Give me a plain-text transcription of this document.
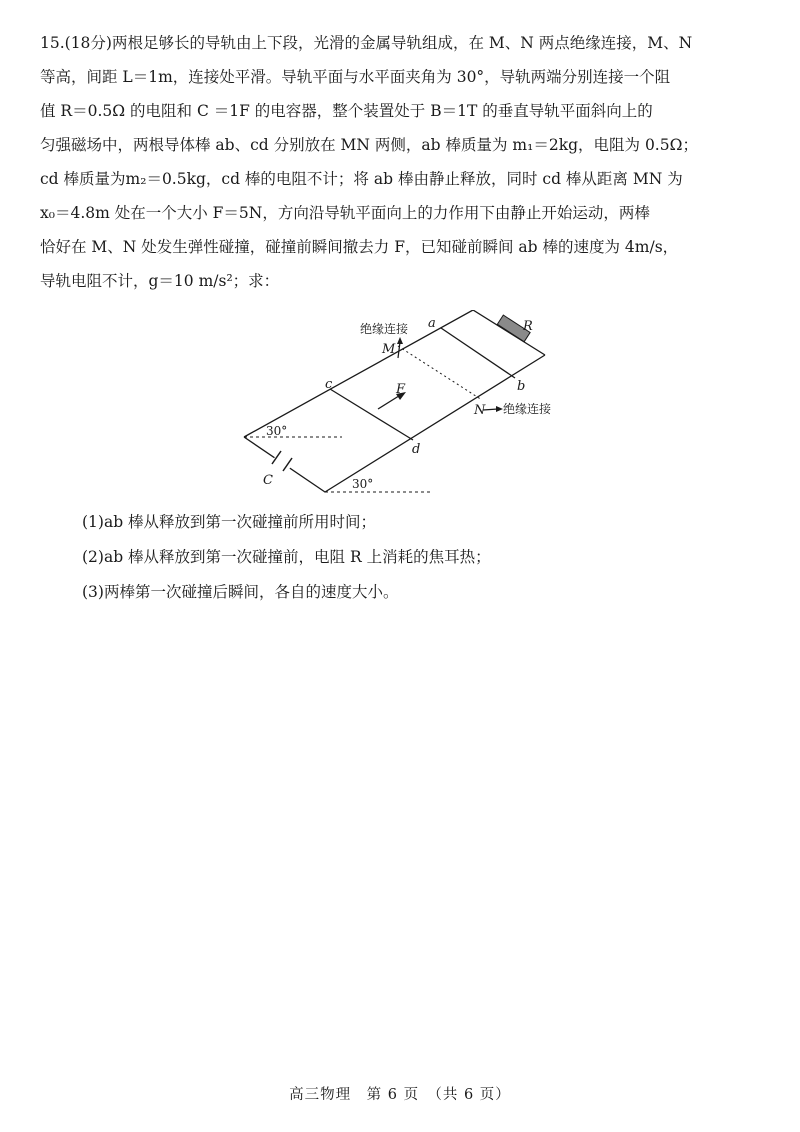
15.(18分)两根足够长的导轨由上下段，光滑的金属导轨组成，在 M、N 两点绝缘连接，M、N
等高，间距 L＝1m，连接处平滑。导轨平面与水平面夹角为 30°，导轨两端分别连接一个阻
值 R＝0.5Ω 的电阻和 C ＝1F 的电容器，整个装置处于 B＝1T 的垂直导轨平面斜向上的
匀强磁场中，两根导体棒 ab、cd 分别放在 MN 两侧，ab 棒质量为 m₁＝2kg，电阻为 0.5Ω；
cd 棒质量为m₂＝0.5kg，cd 棒的电阻不计；将 ab 棒由静止释放，同时 cd 棒从距离 MN 为
x₀＝4.8m 处在一个大小 F＝5N，方向沿导轨平面向上的力作用下由静止开始运动，两棒
恰好在 M、N 处发生弹性碰撞，碰撞前瞬间撤去力 F，已知碰前瞬间 ab 棒的速度为 4m/s，
导轨电阻不计，g＝10 m/s²；求：
绝缘连接 a	R
M
c	F	b
N 绝缘连接
30°
d
C	30°
(1)ab 棒从释放到第一次碰撞前所用时间；
(2)ab 棒从释放到第一次碰撞前，电阻 R 上消耗的焦耳热；
(3)两棒第一次碰撞后瞬间，各自的速度大小。
高三物理　第 6 页　（共 6 页）
